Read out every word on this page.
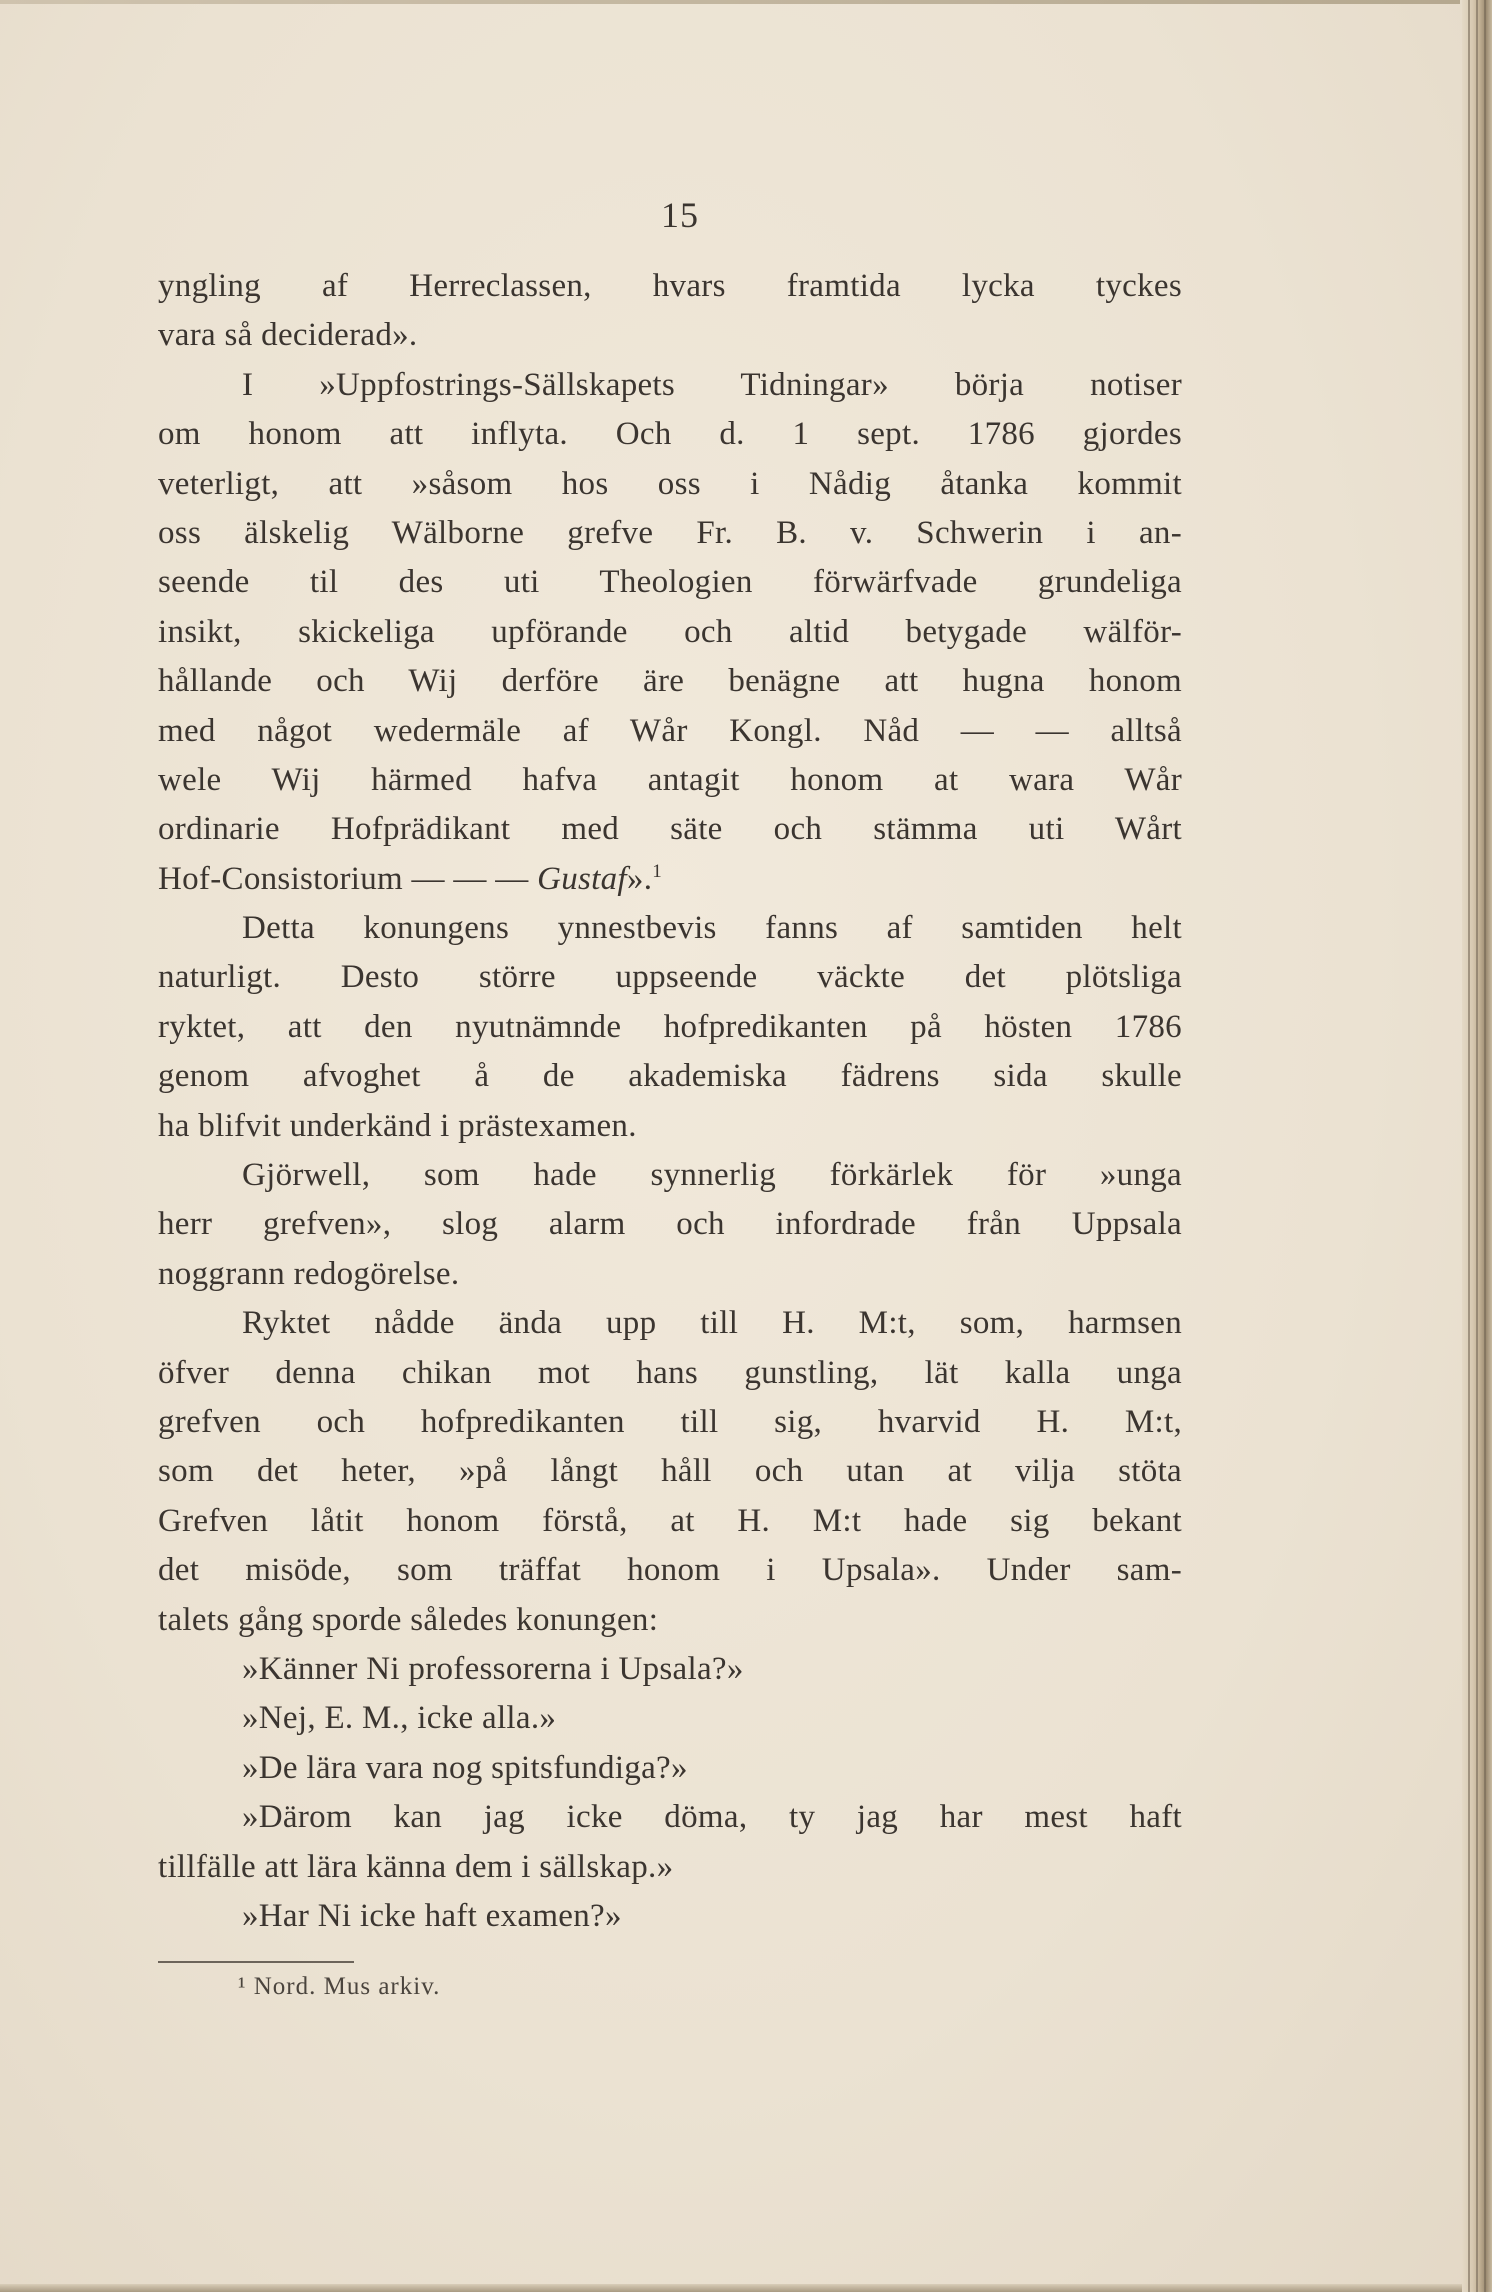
15
yngling af Herreclassen, hvars framtida lycka tyckes
vara så deciderad».
I »Uppfostrings-Sällskapets Tidningar» börja notiser
om honom att inflyta. Och d. 1 sept. 1786 gjordes
veterligt, att »såsom hos oss i Nådig åtanka kommit
oss älskelig Wälborne grefve Fr. B. v. Schwerin i an-
seende til des uti Theologien förwärfvade grundeliga
insikt, skickeliga upförande och altid betygade wälför-
hållande och Wij derföre äre benägne att hugna honom
med något wedermäle af Wår Kongl. Nåd — — alltså
wele Wij härmed hafva antagit honom at wara Wår
ordinarie Hofprädikant med säte och stämma uti Wårt
Hof-Consistorium — — — Gustaf».$^1$
Detta konungens ynnestbevis fanns af samtiden helt
naturligt. Desto större uppseende väckte det plötsliga
ryktet, att den nyutnämnde hofpredikanten på hösten 1786
genom afvoghet å de akademiska fädrens sida skulle
ha blifvit underkänd i prästexamen.
Gjörwell, som hade synnerlig förkärlek för »unga
herr grefven», slog alarm och infordrade från Uppsala
noggrann redogörelse.
Ryktet nådde ända upp till H. M:t, som, harmsen
öfver denna chikan mot hans gunstling, lät kalla unga
grefven och hofpredikanten till sig, hvarvid H. M:t,
som det heter, »på långt håll och utan at vilja stöta
Grefven låtit honom förstå, at H. M:t hade sig bekant
det misöde, som träffat honom i Upsala». Under sam-
talets gång sporde således konungen:
»Känner Ni professorerna i Upsala?»
»Nej, E. M., icke alla.»
»De lära vara nog spitsfundiga?»
»Därom kan jag icke döma, ty jag har mest haft
tillfälle att lära känna dem i sällskap.»
»Har Ni icke haft examen?»
¹ Nord. Mus arkiv.
